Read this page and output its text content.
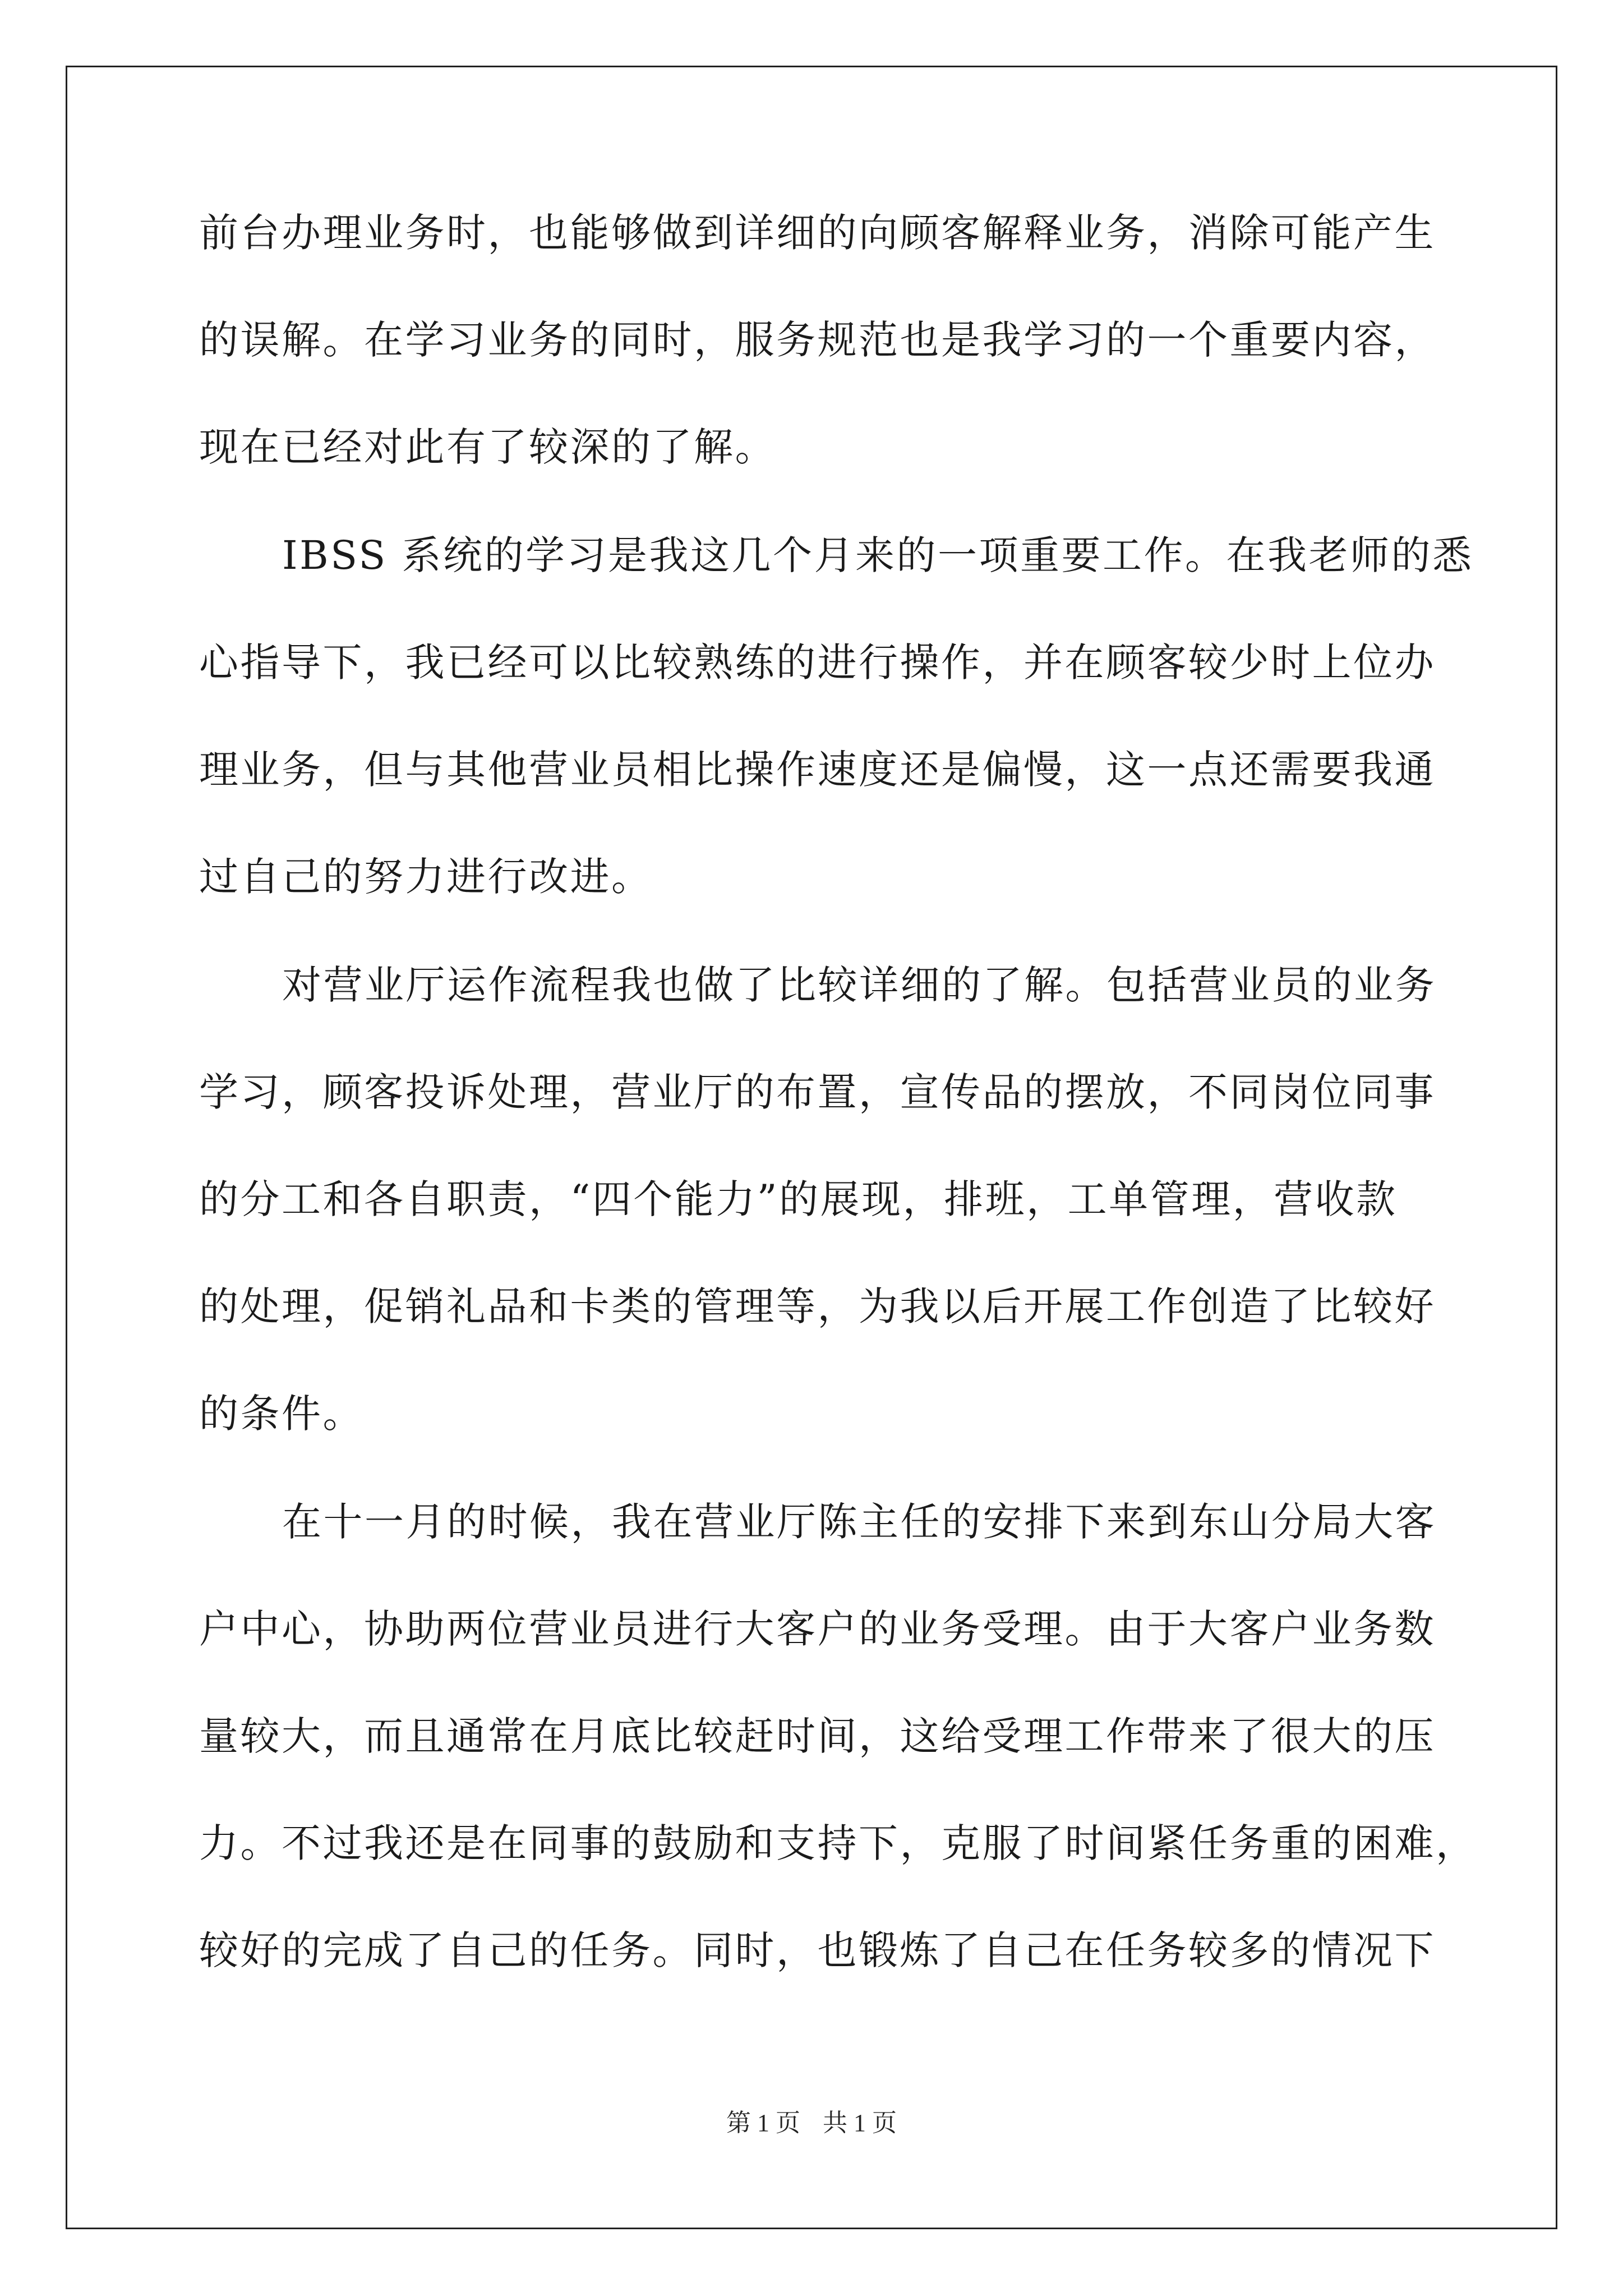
前台办理业务时，也能够做到详细的向顾客解释业务，消除可能产生
的误解。在学习业务的同时，服务规范也是我学习的一个重要内容，
现在已经对此有了较深的了解。
IBSS 系统的学习是我这几个月来的一项重要工作。在我老师的悉
心指导下，我已经可以比较熟练的进行操作，并在顾客较少时上位办
理业务，但与其他营业员相比操作速度还是偏慢，这一点还需要我通
过自己的努力进行改进。
对营业厅运作流程我也做了比较详细的了解。包括营业员的业务
学习，顾客投诉处理，营业厅的布置，宣传品的摆放，不同岗位同事
的分工和各自职责，“四个能力”的展现，排班，工单管理，营收款
的处理，促销礼品和卡类的管理等，为我以后开展工作创造了比较好
的条件。
在十一月的时候，我在营业厅陈主任的安排下来到东山分局大客
户中心，协助两位营业员进行大客户的业务受理。由于大客户业务数
量较大，而且通常在月底比较赶时间，这给受理工作带来了很大的压
力。不过我还是在同事的鼓励和支持下，克服了时间紧任务重的困难，
较好的完成了自己的任务。同时，也锻炼了自己在任务较多的情况下
第 1 页 共 1 页
